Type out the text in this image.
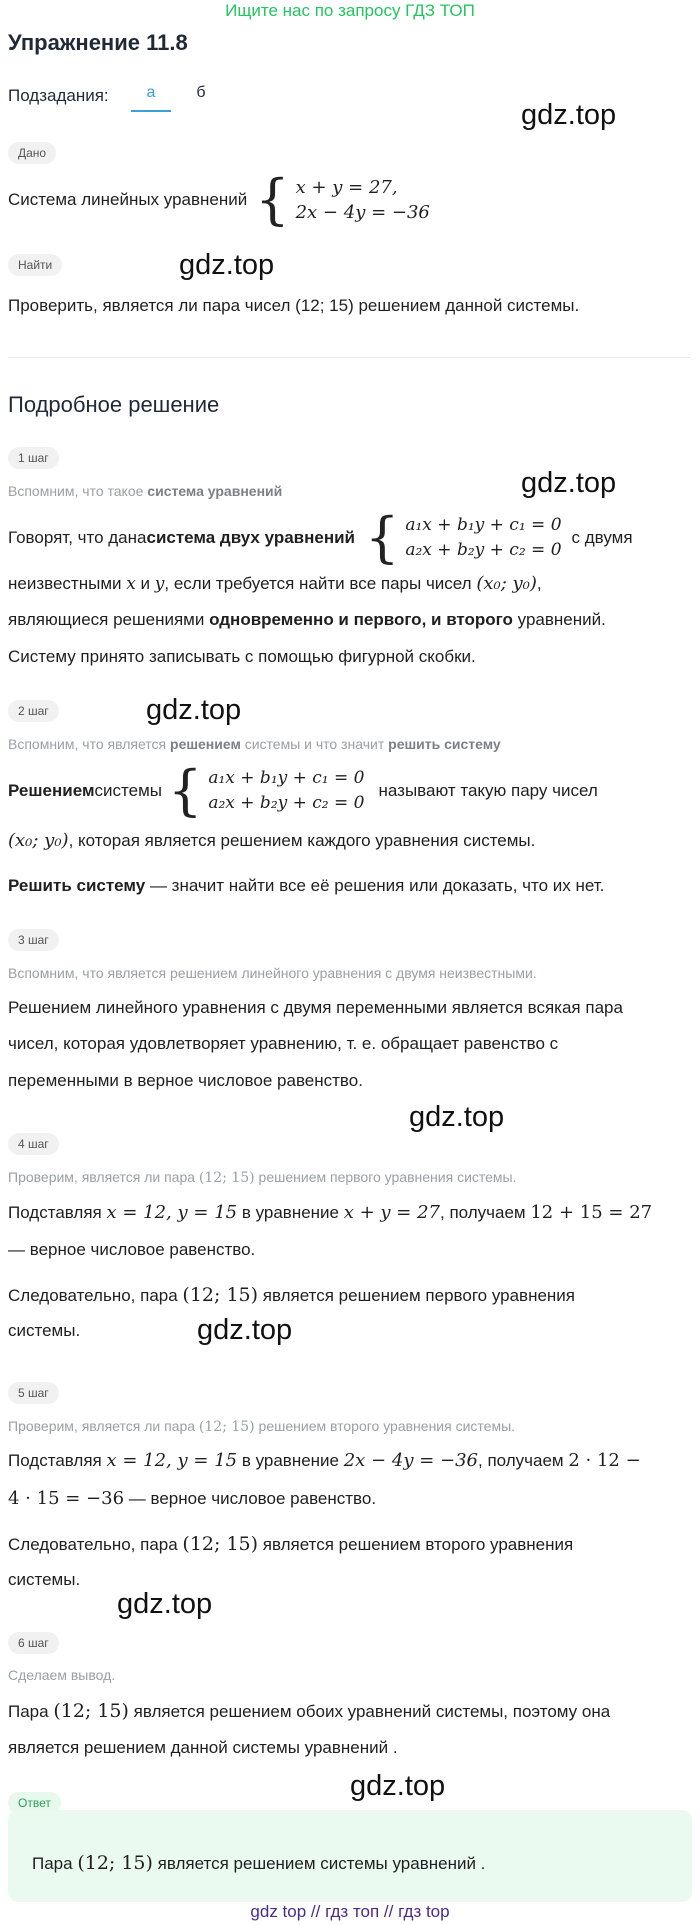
Ищите нас по запросу ГДЗ ТОП
Упражнение 11.8
Подзадания:	а	б
gdz.top
Дано
Система линейных уравнений { x + y = 27,
2x − 4y = −36
Найти	gdz.top
Проверить, является ли пара чисел (12; 15) решением данной системы.
Подробное решение
1 шаг
gdz.top
Вспомним, что такое система уравнений
Говорят, что дана система двух уравнений { a₁x + b₁y + c₁ = 0
a₂x + b₂y + c₂ = 0
с двумя
неизвестными x и y, если требуется найти все пары чисел (x₀; y₀),
являющиеся решениями одновременно и первого, и второго уравнений.
Систему принято записывать с помощью фигурной скобки.
2 шаг	gdz.top
Вспомним, что является решением системы и что значит решить систему
Решением системы { a₁x + b₁y + c₁ = 0
a₂x + b₂y + c₂ = 0
называют такую пару чисел
(x₀; y₀), которая является решением каждого уравнения системы.
Решить систему — значит найти все её решения или доказать, что их нет.
3 шаг
Вспомним, что является решением линейного уравнения с двумя неизвестными.
Решением линейного уравнения с двумя переменными является всякая пара
чисел, которая удовлетворяет уравнению, т. е. обращает равенство с
переменными в верное числовое равенство.
gdz.top
4 шаг
Проверим, является ли пара (12; 15) решением первого уравнения системы.
Подставляя x = 12, y = 15 в уравнение x + y = 27, получаем 12 + 15 = 27
— верное числовое равенство.
Следовательно, пара (12; 15) является решением первого уравнения
системы.	gdz.top
5 шаг
Проверим, является ли пара (12; 15) решением второго уравнения системы.
Подставляя x = 12, y = 15 в уравнение 2x − 4y = −36, получаем 2 · 12 −
4 · 15 = −36 — верное числовое равенство.
Следовательно, пара (12; 15) является решением второго уравнения
системы.
gdz.top
6 шаг
Сделаем вывод.
Пара (12; 15) является решением обоих уравнений системы, поэтому она
является решением данной системы уравнений .
gdz.top
Ответ
Пара (12; 15) является решением системы уравнений .
gdz top // гдз топ // гдз top
